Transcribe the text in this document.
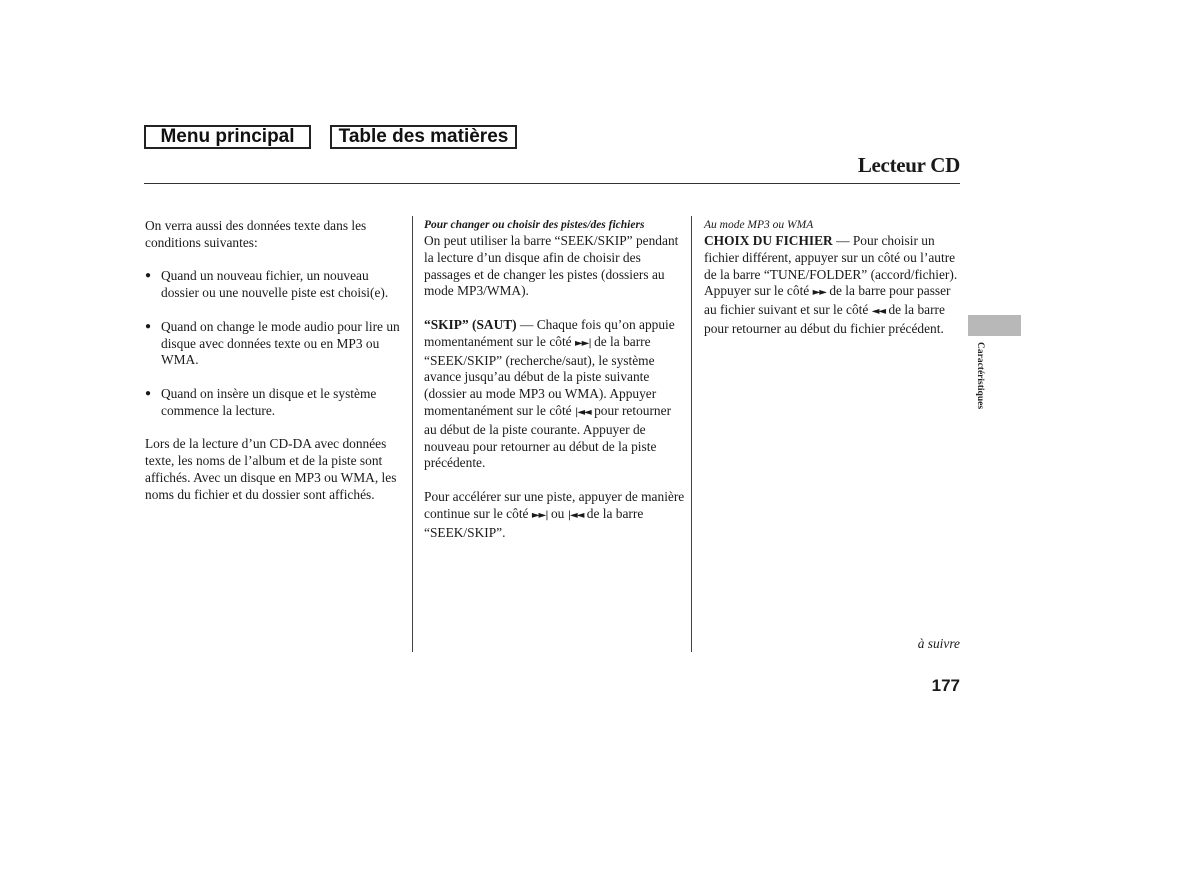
Menu principal	Table des matières
Lecteur CD

On verra aussi des données texte dans les conditions suivantes:

● Quand un nouveau fichier, un nouveau dossier ou une nouvelle piste est choisi(e).
● Quand on change le mode audio pour lire un disque avec données texte ou en MP3 ou WMA.
● Quand on insère un disque et le système commence la lecture.

Lors de la lecture d’un CD-DA avec données texte, les noms de l’album et de la piste sont affichés. Avec un disque en MP3 ou WMA, les noms du fichier et du dossier sont affichés.

Pour changer ou choisir des pistes/des fichiers

On peut utiliser la barre “SEEK/SKIP” pendant la lecture d’un disque afin de choisir des passages et de changer les pistes (dossiers au mode MP3/WMA).

“SKIP” (SAUT) — Chaque fois qu’on appuie momentanément sur le côté ►►| de la barre “SEEK/SKIP” (recherche/saut), le système avance jusqu’au début de la piste suivante (dossier au mode MP3 ou WMA). Appuyer momentanément sur le côté |◄◄ pour retourner au début de la piste courante. Appuyer de nouveau pour retourner au début de la piste précédente.

Pour accélérer sur une piste, appuyer de manière continue sur le côté ►►| ou |◄◄ de la barre “SEEK/SKIP”.

Au mode MP3 ou WMA

CHOIX DU FICHIER — Pour choisir un fichier différent, appuyer sur un côté ou l’autre de la barre “TUNE/FOLDER” (accord/fichier). Appuyer sur le côté ►► de la barre pour passer au fichier suivant et sur le côté ◄◄ de la barre pour retourner au début du fichier précédent.

Caractéristiques
à suivre
177
